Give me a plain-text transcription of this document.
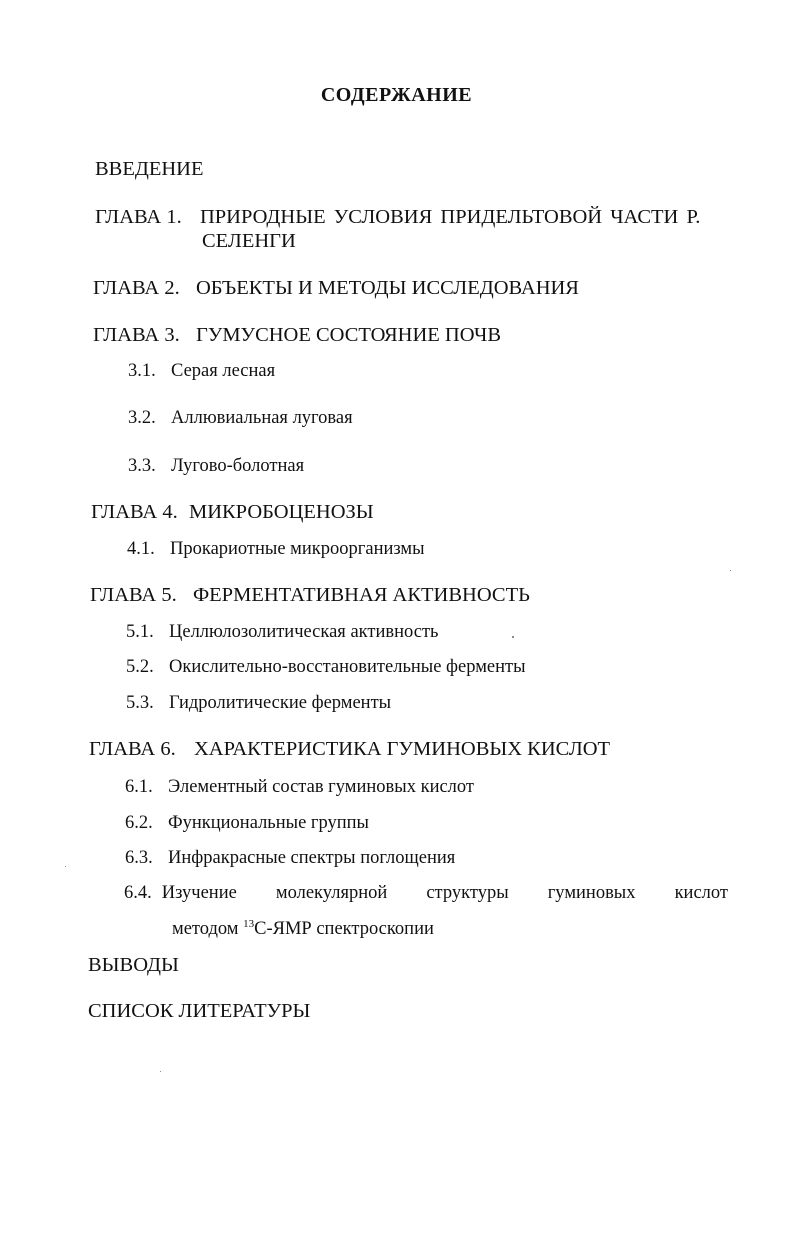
СОДЕРЖАНИЕ
ВВЕДЕНИЕ
ГЛАВА 1. ПРИРОДНЫЕ УСЛОВИЯ ПРИДЕЛЬТОВОЙ ЧАСТИ Р.
СЕЛЕНГИ
ГЛАВА 2. ОБЪЕКТЫ И МЕТОДЫ ИССЛЕДОВАНИЯ
ГЛАВА 3. ГУМУСНОЕ СОСТОЯНИЕ ПОЧВ
3.1. Серая лесная
3.2. Аллювиальная луговая
3.3. Лугово-болотная
ГЛАВА 4. МИКРОБОЦЕНОЗЫ
4.1. Прокариотные микроорганизмы
ГЛАВА 5. ФЕРМЕНТАТИВНАЯ АКТИВНОСТЬ
5.1. Целлюлозолитическая активность
5.2. Окислительно-восстановительные ферменты
5.3. Гидролитические ферменты
ГЛАВА 6. ХАРАКТЕРИСТИКА ГУМИНОВЫХ КИСЛОТ
6.1. Элементный состав гуминовых кислот
6.2. Функциональные группы
6.3. Инфракрасные спектры поглощения
6.4. Изучение молекулярной структуры гуминовых кислот
методом $^{13}$С-ЯМР спектроскопии
ВЫВОДЫ
СПИСОК ЛИТЕРАТУРЫ
